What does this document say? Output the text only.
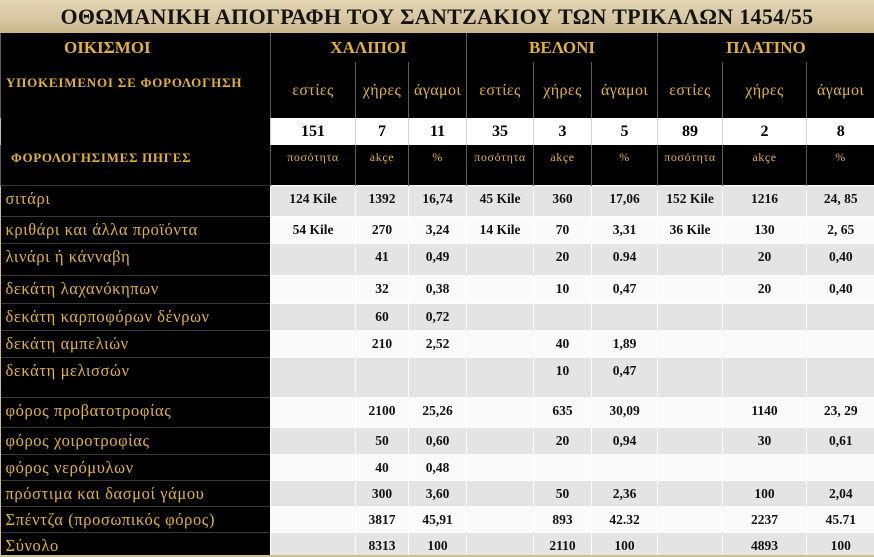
ΟΘΩΜΑΝΙΚΗ ΑΠΟΓΡΑΦΗ ΤΟΥ ΣΑΝΤΖΑΚΙΟΥ ΤΩΝ ΤΡΙΚΑΛΩΝ 1454/55
ΟΙΚΙΣΜΟΙ	ΧΑΛΙΠΟΙ			ΒΕΛΟΝΙ			ΠΛΑΤΙΝΟ		
ΥΠΟΚΕΙΜΕΝΟΙ ΣΕ ΦΟΡΟΛΟΓΗΣΗ	εστίες	χήρες	άγαμοι	εστίες	χήρες	άγαμοι	εστίες	χήρες	άγαμοι
	151	7	11	35	3	5	89	2	8
ΦΟΡΟΛΟΓΗΣΙΜΕΣ ΠΗΓΕΣ	ποσότητα	akçe	%	ποσότητα	akçe	%	ποσότητα	akçe	%
σιτάρι	124 Kile	1392	16,74	45 Kile	360	17,06	152 Kile	1216	24, 85
κριθάρι και άλλα προϊόντα	54 Kile	270	3,24	14 Kile	70	3,31	36 Kile	130	2, 65
λινάρι ή κάνναβη		41	0,49		20	0.94		20	0,40
δεκάτη λαχανόκηπων		32	0,38		10	0,47		20	0,40
δεκάτη καρποφόρων δένρων		60	0,72						
δεκάτη αμπελιών		210	2,52		40	1,89			
δεκάτη μελισσών					10	0,47			
φόρος προβατοτροφίας		2100	25,26		635	30,09		1140	23, 29
φόρος χοιροτροφίας		50	0,60		20	0,94		30	0,61
φόρος νερόμυλων		40	0,48						
πρόστιμα και δασμοί γάμου		300	3,60		50	2,36		100	2,04
Σπέντζα (προσωπικός φόρος)		3817	45,91		893	42.32		2237	45.71
Σύνολο		8313	100		2110	100		4893	100
